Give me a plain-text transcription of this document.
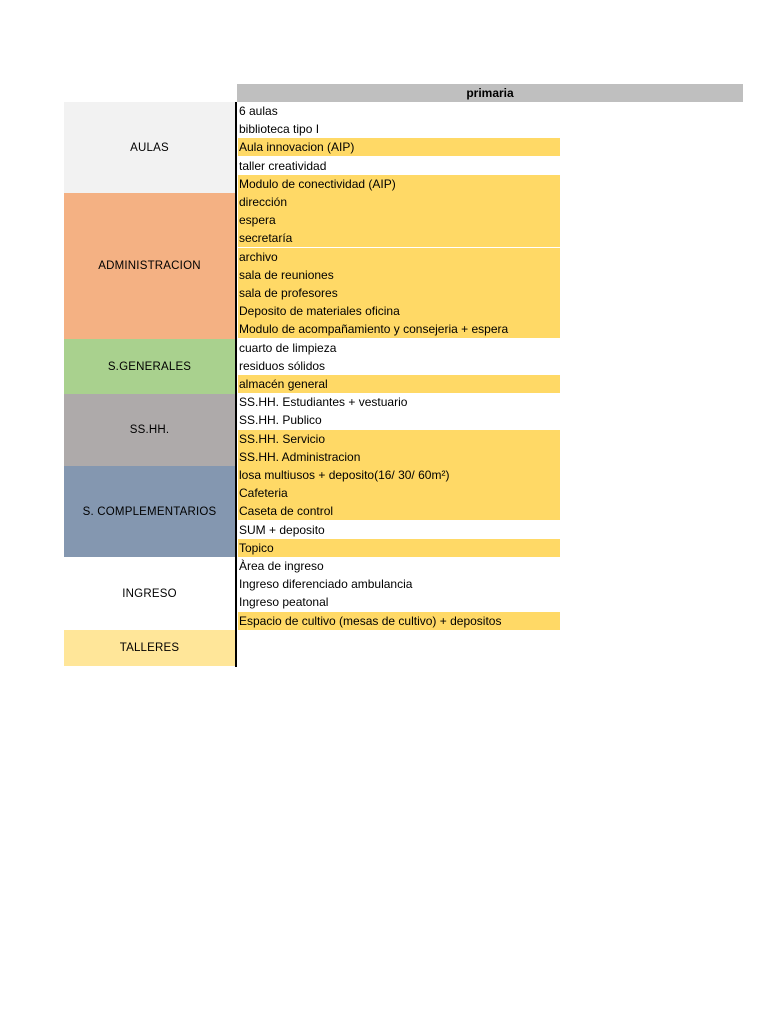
primaria
AULAS
ADMINISTRACION
S.GENERALES
SS.HH.
S. COMPLEMENTARIOS
INGRESO
TALLERES
6 aulas
biblioteca tipo I
Aula innovacion (AIP)
taller creatividad
Modulo de conectividad (AIP)
dirección
espera
secretaría
archivo
sala de reuniones
sala de profesores
Deposito de materiales oficina
Modulo de acompañamiento y consejeria + espera
cuarto de limpieza
residuos sólidos
almacén general
SS.HH. Estudiantes + vestuario
SS.HH. Publico
SS.HH. Servicio
SS.HH. Administracion
losa multiusos + deposito(16/ 30/ 60m²)
Cafeteria
Caseta de control
SUM + deposito
Topico
Àrea de ingreso
Ingreso diferenciado ambulancia
Ingreso peatonal
Espacio de cultivo (mesas de cultivo) + depositos
